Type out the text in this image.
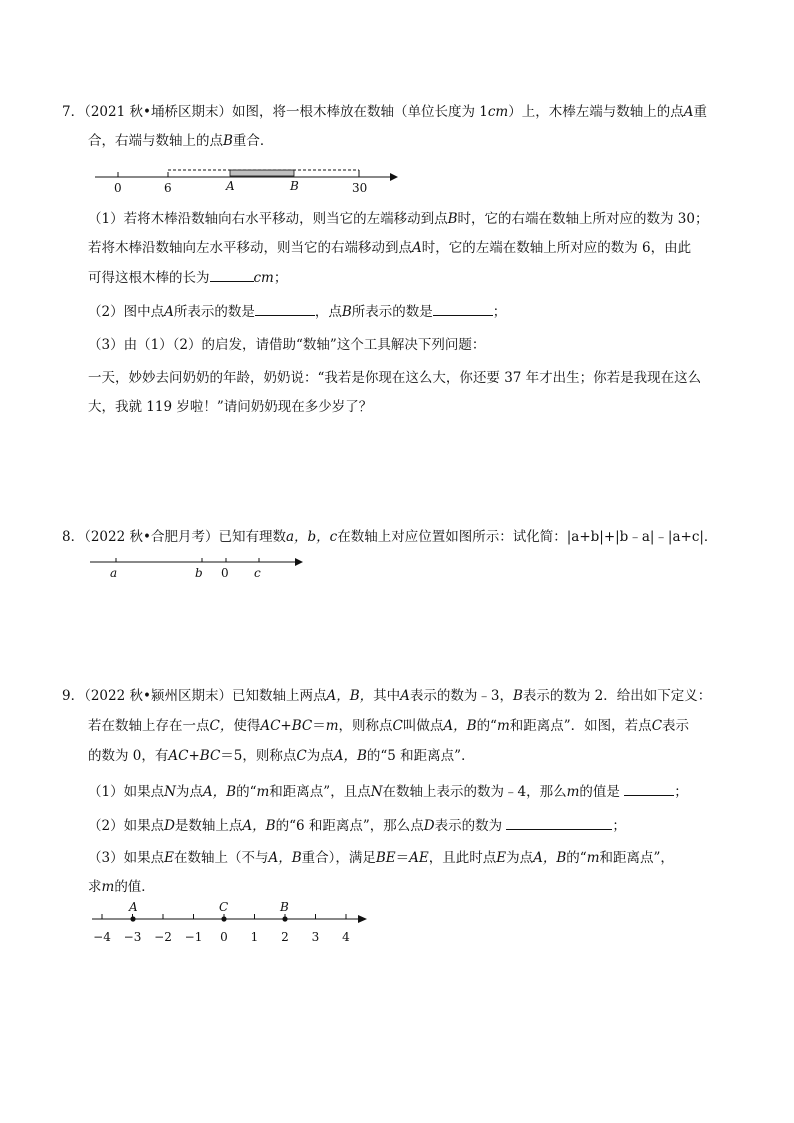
7．（2021 秋•埇桥区期末）如图，将一根木棒放在数轴（单位长度为 1cm）上，木棒左端与数轴上的点A重
合，右端与数轴上的点B重合．
0	6	30
A	B
（1）若将木棒沿数轴向右水平移动，则当它的左端移动到点B时，它的右端在数轴上所对应的数为 30；
若将木棒沿数轴向左水平移动，则当它的右端移动到点A时，它的左端在数轴上所对应的数为 6，由此
可得这根木棒的长为	cm；
（2）图中点A所表示的数是	，点B所表示的数是	；
（3）由（1）（2）的启发，请借助“数轴”这个工具解决下列问题：
一天，妙妙去问奶奶的年龄，奶奶说：“我若是你现在这么大，你还要 37 年才出生；你若是我现在这么
大，我就 119 岁啦！”请问奶奶现在多少岁了？
8．（2022 秋•合肥月考）已知有理数a，b，c在数轴上对应位置如图所示：试化简：|a+b|+|b﹣a|﹣|a+c|．
a	b 0 c
9．（2022 秋•颍州区期末）已知数轴上两点A，B，其中A表示的数为﹣3，B表示的数为 2．给出如下定义：
若在数轴上存在一点C，使得AC+BC＝m，则称点C叫做点A，B的“m和距离点”．如图，若点C表示
的数为 0，有AC+BC＝5，则称点C为点A，B的“5 和距离点”．
（1）如果点N为点A，B的“m和距离点”，且点N在数轴上表示的数为﹣4，那么m的值是	；
（2）如果点D是数轴上点A，B的“6 和距离点”，那么点D表示的数为	；
（3）如果点E在数轴上（不与A，B重合），满足BE＝AE，且此时点E为点A，B的“m和距离点”，
求m的值．
−4 −3 −2 −1 0 1 2 3 4
A	C	B
